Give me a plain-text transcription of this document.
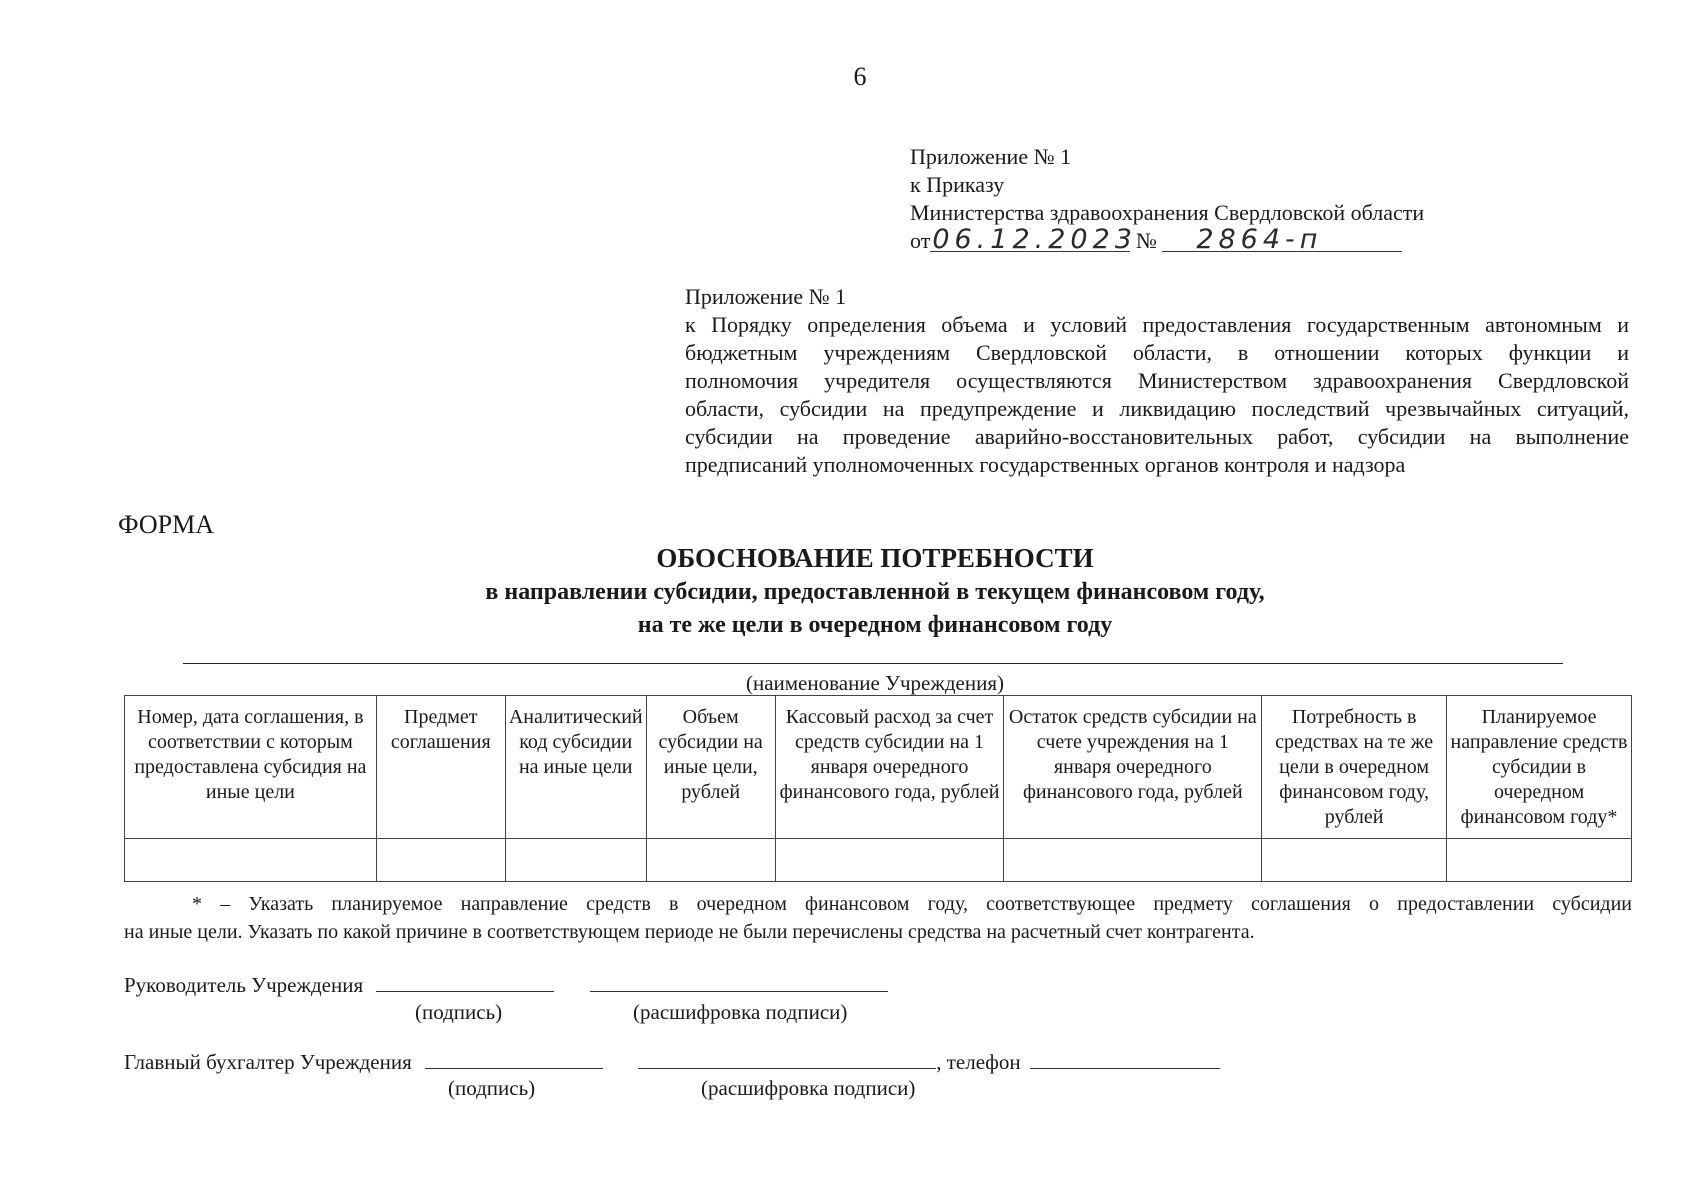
6
Приложение № 1
к Приказу
Министерства здравоохранения Свердловской области
от06.12.2023 № 2864-п
Приложение № 1
к Порядку определения объема и условий предоставления государственным автономным и
бюджетным учреждениям Свердловской области, в отношении которых функции и
полномочия учредителя осуществляются Министерством здравоохранения Свердловской
области, субсидии на предупреждение и ликвидацию последствий чрезвычайных ситуаций,
субсидии на проведение аварийно-восстановительных работ, субсидии на выполнение
предписаний уполномоченных государственных органов контроля и надзора
ФОРМА
ОБОСНОВАНИЕ ПОТРЕБНОСТИ
в направлении субсидии, предоставленной в текущем финансовом году,
на те же цели в очередном финансовом году
(наименование Учреждения)
Номер, дата соглашения, в соответствии с которым предоставлена субсидия на иные цели	Предмет соглашения	Аналитический код субсидии на иные цели	Объем субсидии на иные цели, рублей	Кассовый расход за счет средств субсидии на 1 января очередного финансового года, рублей	Остаток средств субсидии на счете учреждения на 1 января очередного финансового года, рублей	Потребность в средствах на те же цели в очередном финансовом году, рублей	Планируемое направление средств субсидии в очередном финансовом году*

* – Указать планируемое направление средств в очередном финансовом году, соответствующее предмету соглашения о предоставлении субсидии
на иные цели. Указать по какой причине в соответствующем периоде не были перечислены средства на расчетный счет контрагента.
Руководитель Учреждения
(подпись)	(расшифровка подписи)
Главный бухгалтер Учреждения	, телефон
(подпись)	(расшифровка подписи)
